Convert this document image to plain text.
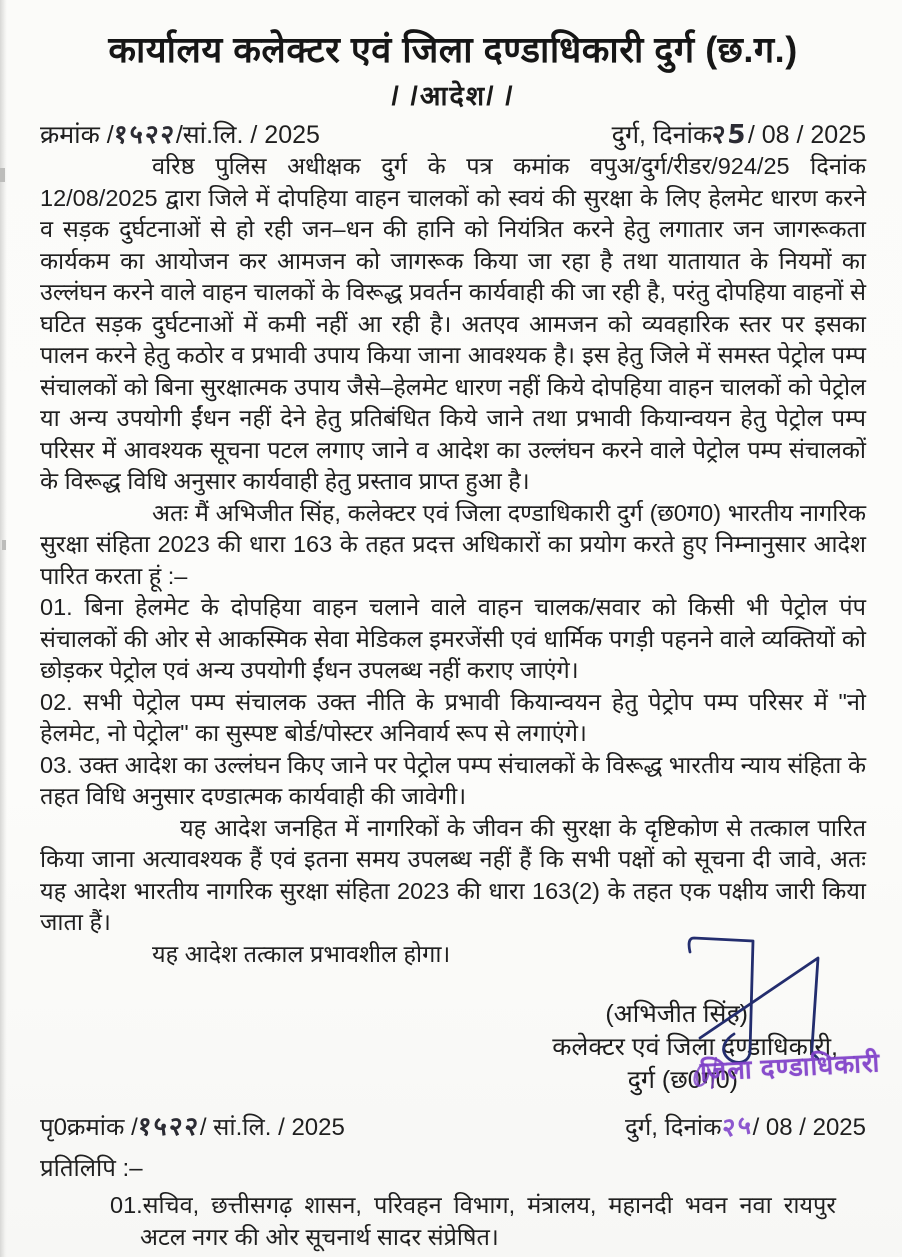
कार्यालय कलेक्टर एवं जिला दण्डाधिकारी दुर्ग (छ.ग.)
/ /आदेश/ /
क्रमांक /१५२२/सां.लि. / 2025	दुर्ग, दिनांक२5/ 08 / 2025

वरिष्ठ पुलिस अधीक्षक दुर्ग के पत्र कमांक वपुअ/दुर्ग/रीडर/924/25 दिनांक 12/08/2025 द्वारा जिले में दोपहिया वाहन चालकों को स्वयं की सुरक्षा के लिए हेलमेट धारण करने व सड़क दुर्घटनाओं से हो रही जन–धन की हानि को नियंत्रित करने हेतु लगातार जन जागरूकता कार्यकम का आयोजन कर आमजन को जागरूक किया जा रहा है तथा यातायात के नियमों का उल्लंघन करने वाले वाहन चालकों के विरूद्ध प्रवर्तन कार्यवाही की जा रही है, परंतु दोपहिया वाहनों से घटित सड़क दुर्घटनाओं में कमी नहीं आ रही है। अतएव आमजन को व्यवहारिक स्तर पर इसका पालन करने हेतु कठोर व प्रभावी उपाय किया जाना आवश्यक है। इस हेतु जिले में समस्त पेट्रोल पम्प संचालकों को बिना सुरक्षात्मक उपाय जैसे–हेलमेट धारण नहीं किये दोपहिया वाहन चालकों को पेट्रोल या अन्य उपयोगी ईंधन नहीं देने हेतु प्रतिबंधित किये जाने तथा प्रभावी कियान्वयन हेतु पेट्रोल पम्प परिसर में आवश्यक सूचना पटल लगाए जाने व आदेश का उल्लंघन करने वाले पेट्रोल पम्प संचालकों के विरूद्ध विधि अनुसार कार्यवाही हेतु प्रस्ताव प्राप्त हुआ है।

अतः मैं अभिजीत सिंह, कलेक्टर एवं जिला दण्डाधिकारी दुर्ग (छ0ग0) भारतीय नागरिक सुरक्षा संहिता 2023 की धारा 163 के तहत प्रदत्त अधिकारों का प्रयोग करते हुए निम्नानुसार आदेश पारित करता हूं :–

01. बिना हेलमेट के दोपहिया वाहन चलाने वाले वाहन चालक/सवार को किसी भी पेट्रोल पंप संचालकों की ओर से आकस्मिक सेवा मेडिकल इमरजेंसी एवं धार्मिक पगड़ी पहनने वाले व्यक्तियों को छोड़कर पेट्रोल एवं अन्य उपयोगी ईंधन उपलब्ध नहीं कराए जाएंगे।

02. सभी पेट्रोल पम्प संचालक उक्त नीति के प्रभावी कियान्वयन हेतु पेट्रोप पम्प परिसर में "नो हेलमेट, नो पेट्रोल" का सुस्पष्ट बोर्ड/पोस्टर अनिवार्य रूप से लगाएंगे।

03. उक्त आदेश का उल्लंघन किए जाने पर पेट्रोल पम्प संचालकों के विरूद्ध भारतीय न्याय संहिता के तहत विधि अनुसार दण्डात्मक कार्यवाही की जावेगी।

यह आदेश जनहित में नागरिकों के जीवन की सुरक्षा के दृष्टिकोण से तत्काल पारित किया जाना अत्यावश्यक हैं एवं इतना समय उपलब्ध नहीं हैं कि सभी पक्षों को सूचना दी जावे, अतः यह आदेश भारतीय नागरिक सुरक्षा संहिता 2023 की धारा 163(2) के तहत एक पक्षीय जारी किया जाता हैं।

यह आदेश तत्काल प्रभावशील होगा।

(अभिजीत सिंह)
कलेक्टर एवं जिला दण्डाधिकारी,
दुर्ग (छ0ग0)
जिला दण्डाधिकारी
पृ0क्रमांक /१५२२/ सां.लि. / 2025	दुर्ग, दिनांक२५/ 08 / 2025
प्रतिलिपि :–

01.सचिव, छत्तीसगढ़ शासन, परिवहन विभाग, मंत्रालय, महानदी भवन नवा रायपुर अटल नगर की ओर सूचनार्थ सादर संप्रेषित।
